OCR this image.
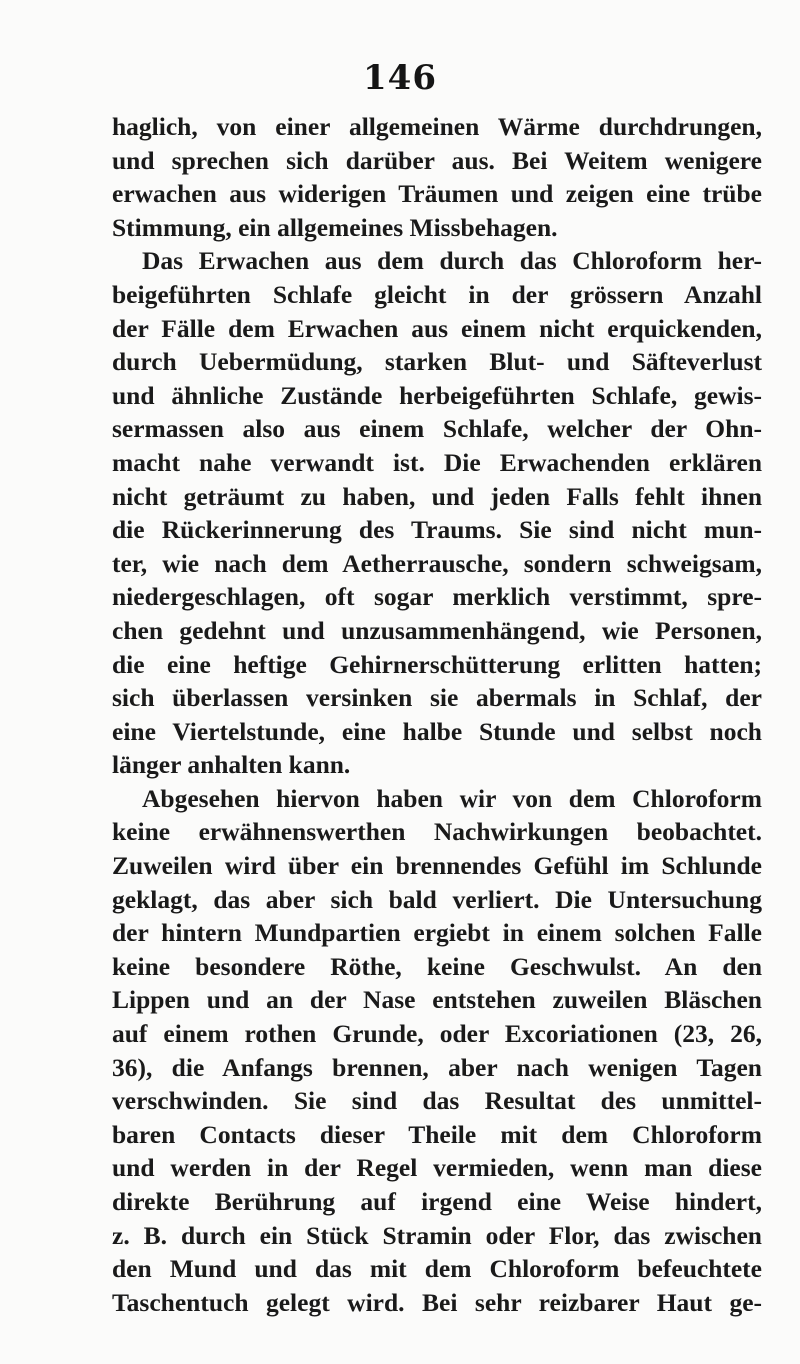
146
haglich, von einer allgemeinen Wärme durchdrungen,
und sprechen sich darüber aus. Bei Weitem wenigere
erwachen aus widerigen Träumen und zeigen eine trübe
Stimmung, ein allgemeines Missbehagen.
Das Erwachen aus dem durch das Chloroform her-
beigeführten Schlafe gleicht in der grössern Anzahl
der Fälle dem Erwachen aus einem nicht erquickenden,
durch Uebermüdung, starken Blut- und Säfteverlust
und ähnliche Zustände herbeigeführten Schlafe, gewis-
sermassen also aus einem Schlafe, welcher der Ohn-
macht nahe verwandt ist. Die Erwachenden erklären
nicht geträumt zu haben, und jeden Falls fehlt ihnen
die Rückerinnerung des Traums. Sie sind nicht mun-
ter, wie nach dem Aetherrausche, sondern schweigsam,
niedergeschlagen, oft sogar merklich verstimmt, spre-
chen gedehnt und unzusammenhängend, wie Personen,
die eine heftige Gehirnerschütterung erlitten hatten;
sich überlassen versinken sie abermals in Schlaf, der
eine Viertelstunde, eine halbe Stunde und selbst noch
länger anhalten kann.
Abgesehen hiervon haben wir von dem Chloroform
keine erwähnenswerthen Nachwirkungen beobachtet.
Zuweilen wird über ein brennendes Gefühl im Schlunde
geklagt, das aber sich bald verliert. Die Untersuchung
der hintern Mundpartien ergiebt in einem solchen Falle
keine besondere Röthe, keine Geschwulst. An den
Lippen und an der Nase entstehen zuweilen Bläschen
auf einem rothen Grunde, oder Excoriationen (23, 26,
36), die Anfangs brennen, aber nach wenigen Tagen
verschwinden. Sie sind das Resultat des unmittel-
baren Contacts dieser Theile mit dem Chloroform
und werden in der Regel vermieden, wenn man diese
direkte Berührung auf irgend eine Weise hindert,
z. B. durch ein Stück Stramin oder Flor, das zwischen
den Mund und das mit dem Chloroform befeuchtete
Taschentuch gelegt wird. Bei sehr reizbarer Haut ge-
